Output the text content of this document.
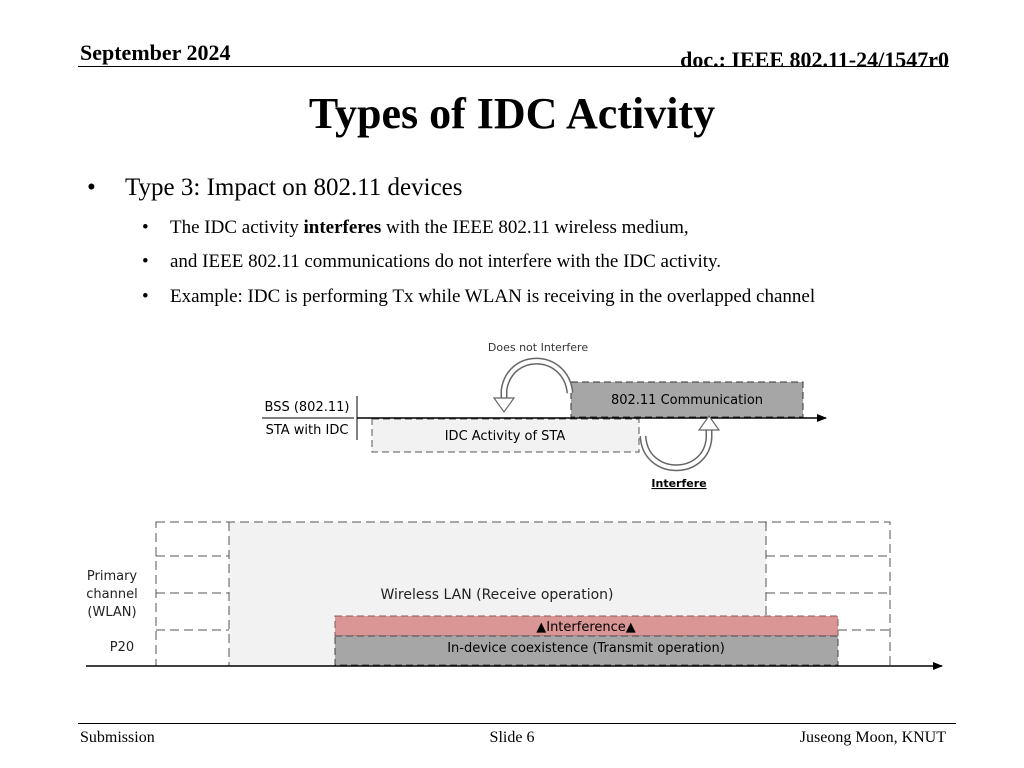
September 2024	doc.: IEEE 802.11-24/1547r0
Types of IDC Activity
• Type 3: Impact on 802.11 devices
• The IDC activity interferes with the IEEE 802.11 wireless medium,
• and IEEE 802.11 communications do not interfere with the IDC activity.
• Example: IDC is performing Tx while WLAN is receiving in the overlapped channel
BSS (802.11)
STA with IDC
802.11 Communication
IDC Activity of STA
Does not Interfere
Interfere
▲Interference▲
In-device coexistence (Transmit operation)
Wireless LAN (Receive operation)
Primary
channel
(WLAN)
P20
Submission	Slide 6	Juseong Moon, KNUT
